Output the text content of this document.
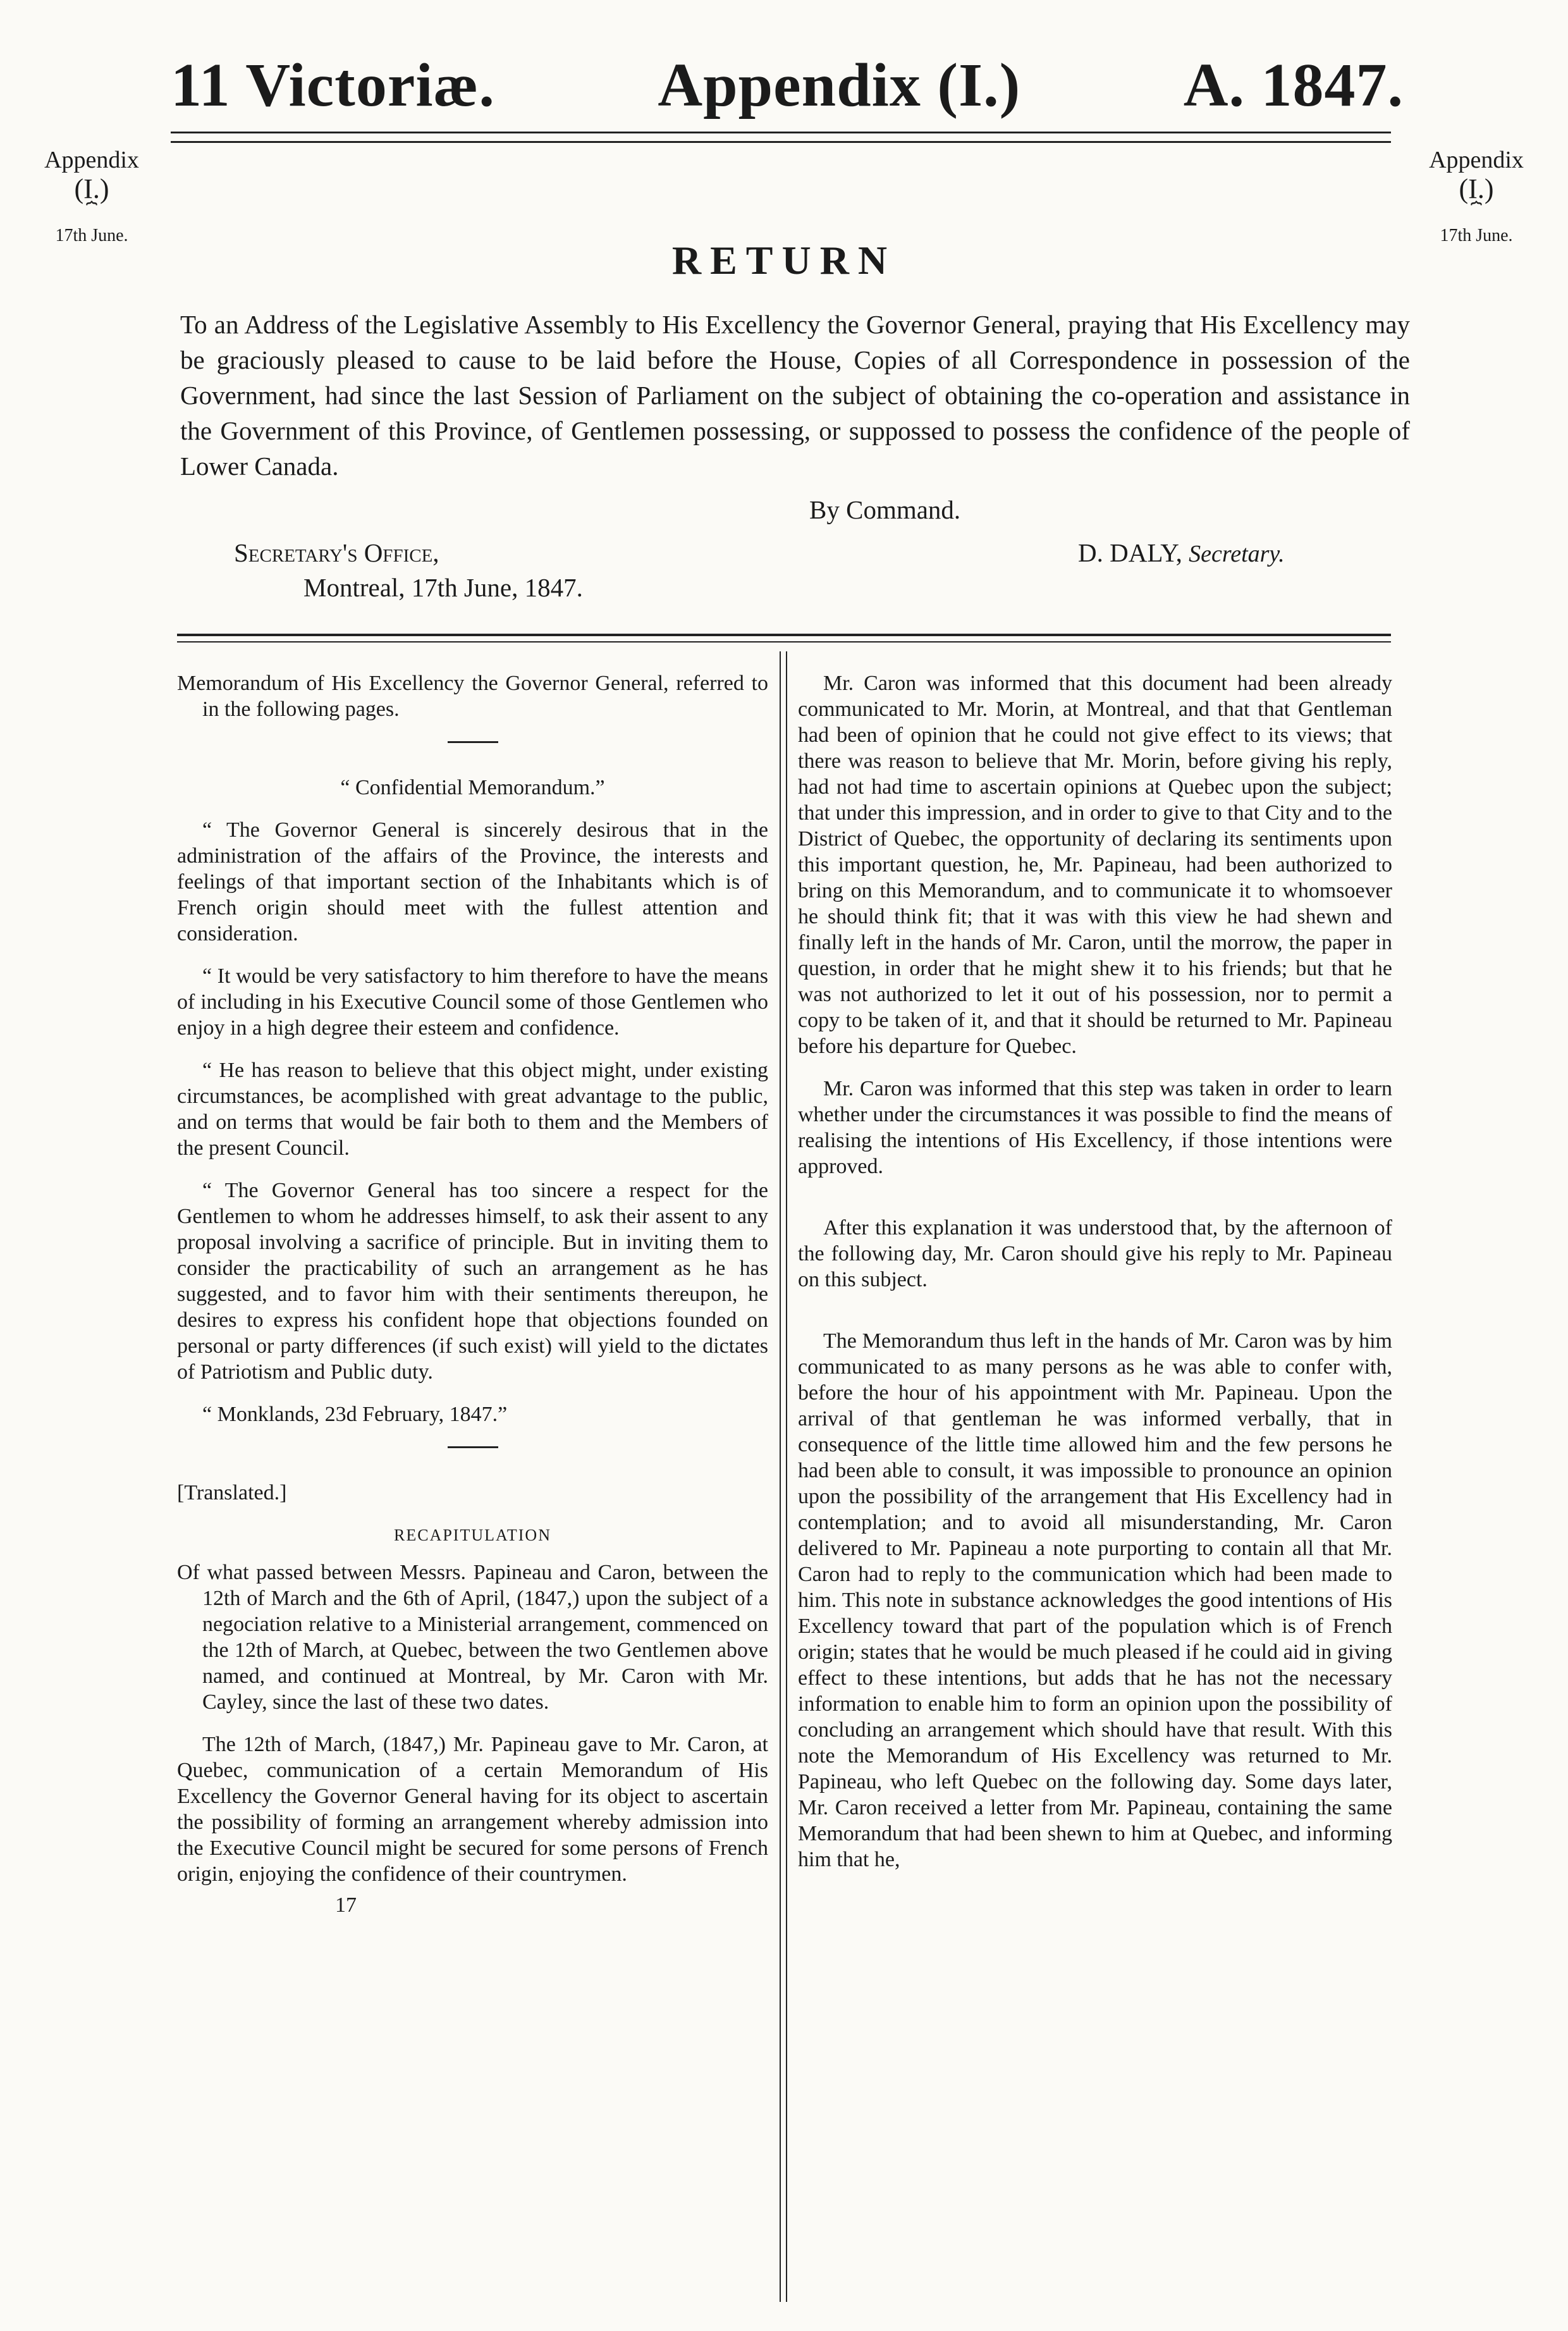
11 Victoriæ.	Appendix (I.)	A. 1847.
Appendix
(I.)
⏞
17th June.
Appendix
(I.)
⏞
17th June.
RETURN
To an Address of the Legislative Assembly to His Excellency the Governor General, praying that His Excellency may be graciously pleased to cause to be laid before the House, Copies of all Correspondence in possession of the Government, had since the last Session of Parliament on the subject of obtaining the co-operation and assistance in the Government of this Province, of Gentlemen possessing, or suppossed to possess the confidence of the people of Lower Canada.
By Command.
Secretary's Office,
Montreal, 17th June, 1847.
D. DALY, Secretary.

Memorandum of His Excellency the Governor General, referred to in the following pages.

“ Confidential Memorandum.”

“ The Governor General is sincerely desirous that in the administration of the affairs of the Province, the interests and feelings of that important section of the Inhabitants which is of French origin should meet with the fullest attention and consideration.

“ It would be very satisfactory to him therefore to have the means of including in his Executive Council some of those Gentlemen who enjoy in a high degree their esteem and confidence.

“ He has reason to believe that this object might, under existing circumstances, be acomplished with great advantage to the public, and on terms that would be fair both to them and the Members of the present Council.

“ The Governor General has too sincere a respect for the Gentlemen to whom he addresses himself, to ask their assent to any proposal involving a sacrifice of principle. But in inviting them to consider the practicability of such an arrangement as he has suggested, and to favor him with their sentiments thereupon, he desires to express his confident hope that objections founded on personal or party differences (if such exist) will yield to the dictates of Patriotism and Public duty.

“ Monklands, 23d February, 1847.”

[Translated.]

RECAPITULATION

Of what passed between Messrs. Papineau and Caron, between the 12th of March and the 6th of April, (1847,) upon the subject of a negociation relative to a Ministerial arrangement, commenced on the 12th of March, at Quebec, between the two Gentlemen above named, and continued at Montreal, by Mr. Caron with Mr. Cayley, since the last of these two dates.

The 12th of March, (1847,) Mr. Papineau gave to Mr. Caron, at Quebec, communication of a certain Memorandum of His Excellency the Governor General having for its object to ascertain the possibility of forming an arrangement whereby admission into the Executive Council might be secured for some persons of French origin, enjoying the confidence of their countrymen.

17

Mr. Caron was informed that this document had been already communicated to Mr. Morin, at Montreal, and that that Gentleman had been of opinion that he could not give effect to its views; that there was reason to believe that Mr. Morin, before giving his reply, had not had time to ascertain opinions at Quebec upon the subject; that under this impression, and in order to give to that City and to the District of Quebec, the opportunity of declaring its sentiments upon this important question, he, Mr. Papineau, had been authorized to bring on this Memorandum, and to communicate it to whomsoever he should think fit; that it was with this view he had shewn and finally left in the hands of Mr. Caron, until the morrow, the paper in question, in order that he might shew it to his friends; but that he was not authorized to let it out of his possession, nor to permit a copy to be taken of it, and that it should be returned to Mr. Papineau before his departure for Quebec.

Mr. Caron was informed that this step was taken in order to learn whether under the circumstances it was possible to find the means of realising the intentions of His Excellency, if those intentions were approved.

After this explanation it was understood that, by the afternoon of the following day, Mr. Caron should give his reply to Mr. Papineau on this subject.

The Memorandum thus left in the hands of Mr. Caron was by him communicated to as many persons as he was able to confer with, before the hour of his appointment with Mr. Papineau. Upon the arrival of that gentleman he was informed verbally, that in consequence of the little time allowed him and the few persons he had been able to consult, it was impossible to pronounce an opinion upon the possibility of the arrangement that His Excellency had in contemplation; and to avoid all misunderstanding, Mr. Caron delivered to Mr. Papineau a note purporting to contain all that Mr. Caron had to reply to the communication which had been made to him. This note in substance acknowledges the good intentions of His Excellency toward that part of the population which is of French origin; states that he would be much pleased if he could aid in giving effect to these intentions, but adds that he has not the necessary information to enable him to form an opinion upon the possibility of concluding an arrangement which should have that result. With this note the Memorandum of His Excellency was returned to Mr. Papineau, who left Quebec on the following day. Some days later, Mr. Caron received a letter from Mr. Papineau, containing the same Memorandum that had been shewn to him at Quebec, and informing him that he,
